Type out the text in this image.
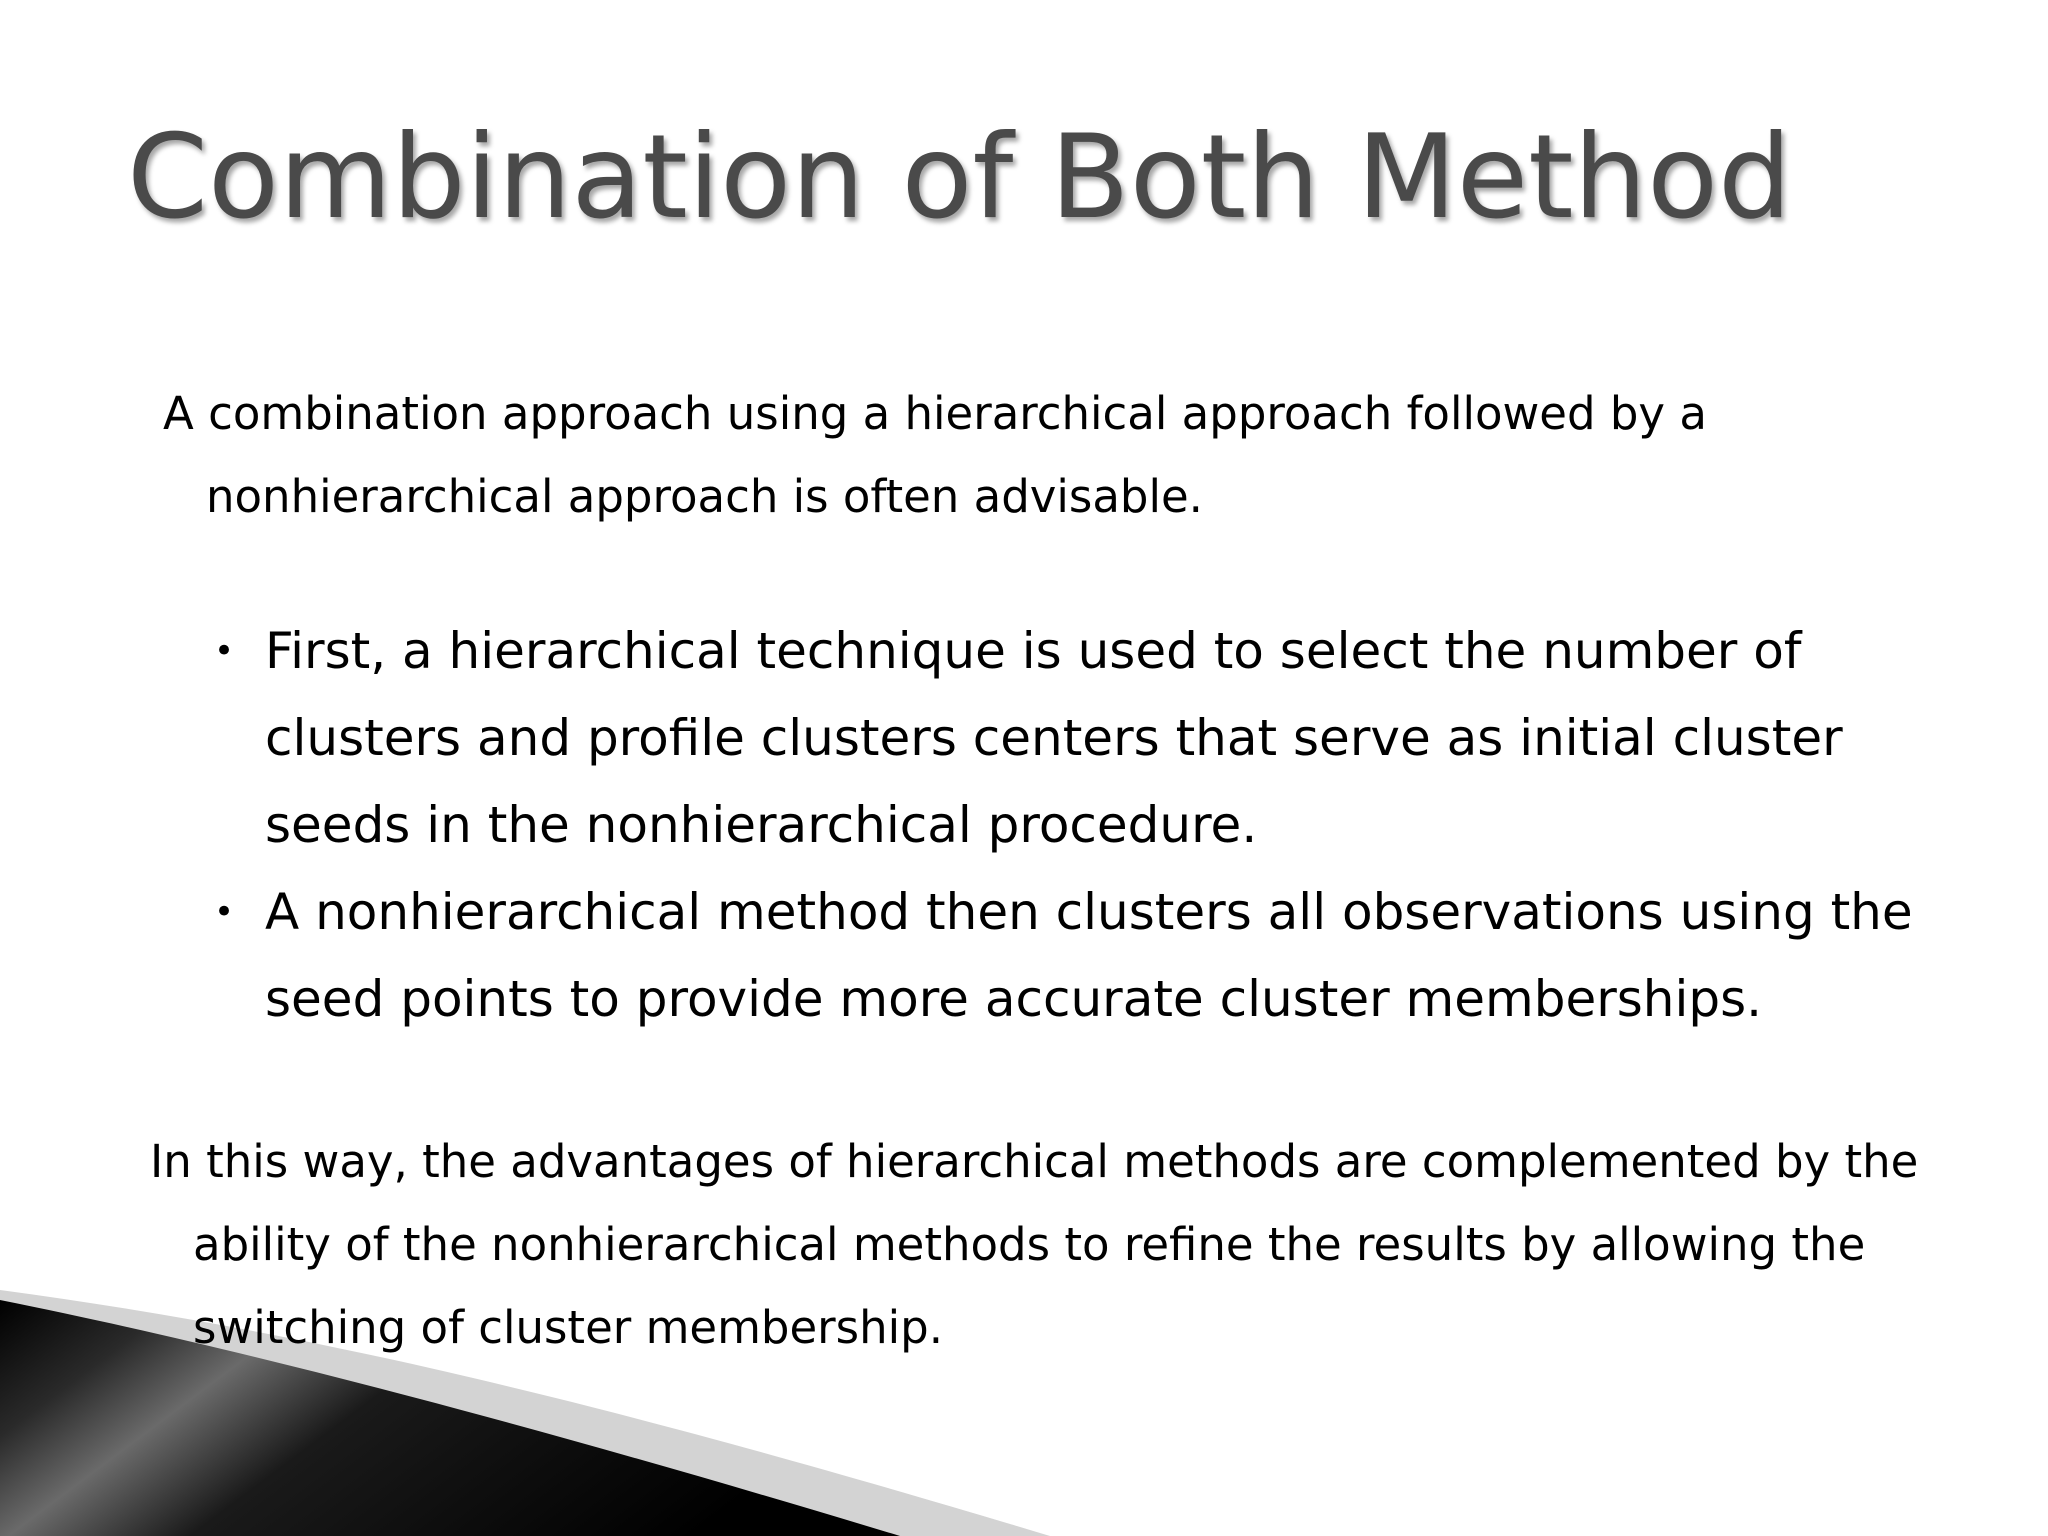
Combination of Both Method

A combination approach using a hierarchical approach followed by a nonhierarchical approach is often advisable.

• First, a hierarchical technique is used to select the number of clusters and profile clusters centers that serve as initial cluster seeds in the nonhierarchical procedure.
• A nonhierarchical method then clusters all observations using the seed points to provide more accurate cluster memberships.

In this way, the advantages of hierarchical methods are complemented by the ability of the nonhierarchical methods to refine the results by allowing the switching of cluster membership.
